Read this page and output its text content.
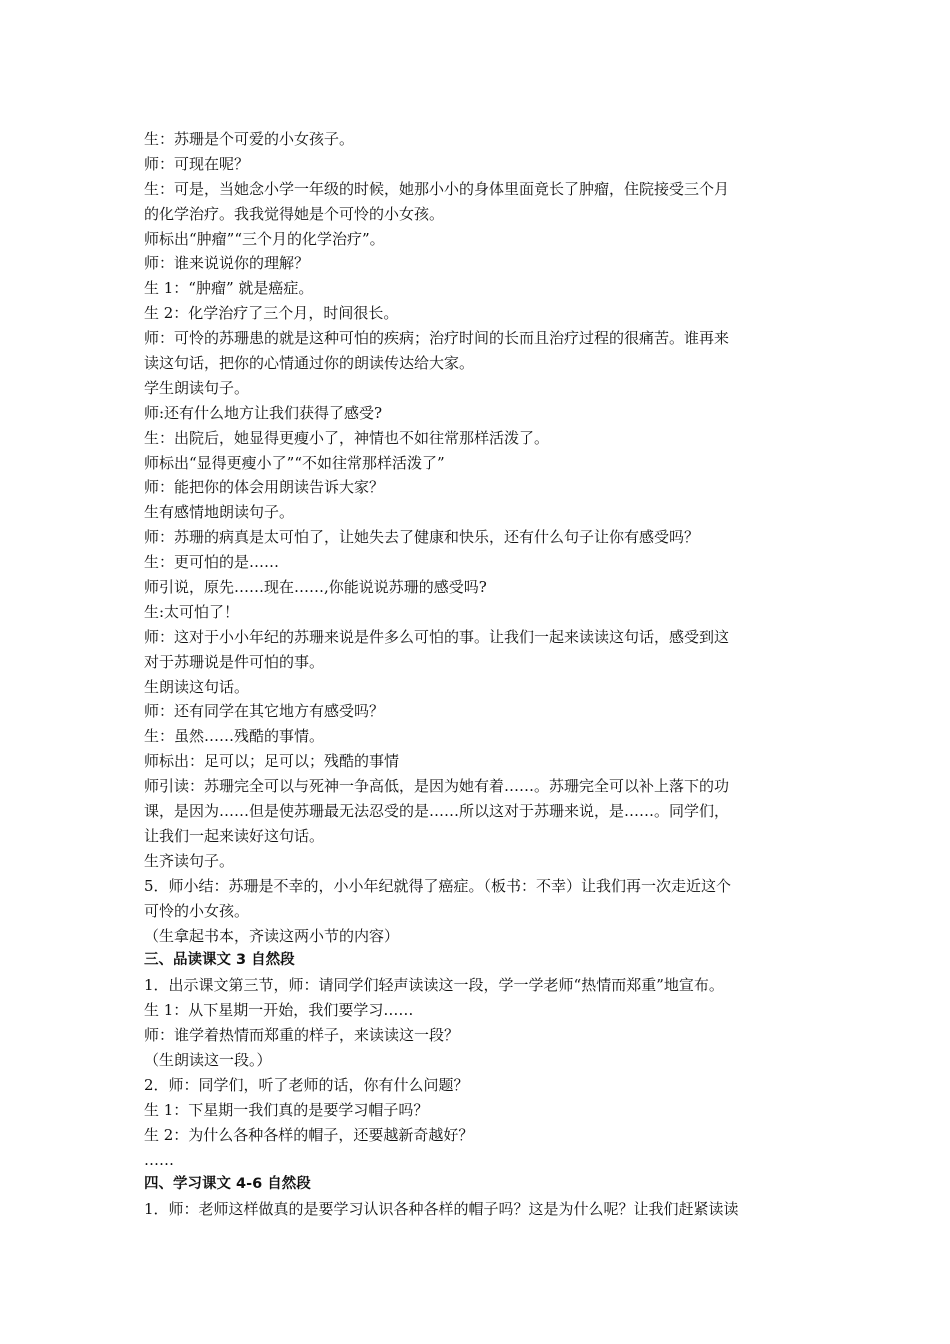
生：苏珊是个可爱的小女孩子。

师：可现在呢？

生：可是，当她念小学一年级的时候，她那小小的身体里面竟长了肿瘤，住院接受三个月

的化学治疗。我我觉得她是个可怜的小女孩。

师标出“肿瘤”“三个月的化学治疗”。

师：谁来说说你的理解？

生 1：“肿瘤” 就是癌症。

生 2：化学治疗了三个月，时间很长。

师：可怜的苏珊患的就是这种可怕的疾病；治疗时间的长而且治疗过程的很痛苦。谁再来

读这句话，把你的心情通过你的朗读传达给大家。

学生朗读句子。

师:还有什么地方让我们获得了感受?

生：出院后，她显得更瘦小了，神情也不如往常那样活泼了。

师标出“显得更瘦小了”“不如往常那样活泼了”

师：能把你的体会用朗读告诉大家？

生有感情地朗读句子。

师：苏珊的病真是太可怕了，让她失去了健康和快乐，还有什么句子让你有感受吗？

生：更可怕的是……

师引说，原先……现在……,你能说说苏珊的感受吗?

生:太可怕了！

师：这对于小小年纪的苏珊来说是件多么可怕的事。让我们一起来读读这句话，感受到这

对于苏珊说是件可怕的事。

生朗读这句话。

师：还有同学在其它地方有感受吗？

生：虽然……残酷的事情。

师标出：足可以；足可以；残酷的事情

师引读：苏珊完全可以与死神一争高低，是因为她有着……。苏珊完全可以补上落下的功

课，是因为……但是使苏珊最无法忍受的是……所以这对于苏珊来说，是……。同学们，

让我们一起来读好这句话。

生齐读句子。

5．师小结：苏珊是不幸的，小小年纪就得了癌症。（板书：不幸）让我们再一次走近这个

可怜的小女孩。

（生拿起书本，齐读这两小节的内容）

三、品读课文 3 自然段

1．出示课文第三节，师：请同学们轻声读读这一段，学一学老师“热情而郑重”地宣布。

生 1：从下星期一开始，我们要学习……

师：谁学着热情而郑重的样子，来读读这一段？

（生朗读这一段。）

2．师：同学们，听了老师的话，你有什么问题？

生 1：下星期一我们真的是要学习帽子吗？

生 2：为什么各种各样的帽子，还要越新奇越好？

……

四、学习课文 4-6 自然段

1．师：老师这样做真的是要学习认识各种各样的帽子吗？这是为什么呢？让我们赶紧读读
